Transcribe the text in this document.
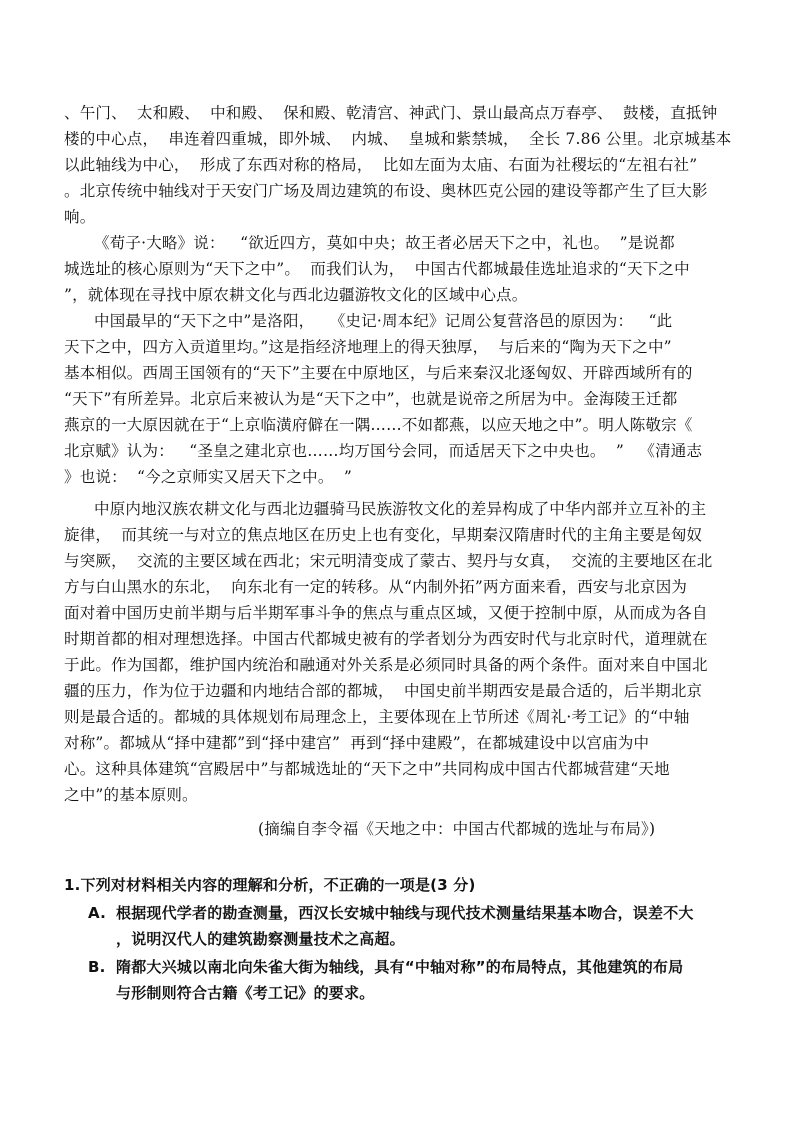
、午门、  太和殿、  中和殿、  保和殿、乾清宫、神武门、景山最高点万春亭、  鼓楼，直抵钟
楼的中心点，  串连着四重城，即外城、  内城、  皇城和紫禁城，  全长 7.86 公里。北京城基本
以此轴线为中心，  形成了东西对称的格局，  比如左面为太庙、右面为社稷坛的“左祖右社”
。北京传统中轴线对于天安门广场及周边建筑的布设、奥林匹克公园的建设等都产生了巨大影
响。
《荀子·大略》说：   “欲近四方，莫如中央；故王者必居天下之中，礼也。  ”是说都
城选址的核心原则为“天下之中”。  而我们认为，  中国古代都城最佳选址追求的“天下之中
”，就体现在寻找中原农耕文化与西北边疆游牧文化的区域中心点。
中国最早的“天下之中”是洛阳，   《史记·周本纪》记周公复营洛邑的原因为：   “此
天下之中，四方入贡道里均。”这是指经济地理上的得天独厚，  与后来的“陶为天下之中”
基本相似。西周王国领有的“天下”主要在中原地区，与后来秦汉北逐匈奴、开辟西域所有的
“天下”有所差异。北京后来被认为是“天下之中”，也就是说帝之所居为中。金海陵王迁都
燕京的一大原因就在于“上京临潢府僻在一隅……不如都燕，以应天地之中”。明人陈敬宗《
北京赋》认为：   “圣皇之建北京也……均万国兮会同，而适居天下之中央也。  ”   《清通志
》也说：  “今之京师实又居天下之中。  ”
中原内地汉族农耕文化与西北边疆骑马民族游牧文化的差异构成了中华内部并立互补的主
旋律，  而其统一与对立的焦点地区在历史上也有变化，早期秦汉隋唐时代的主角主要是匈奴
与突厥，  交流的主要区域在西北；宋元明清变成了蒙古、契丹与女真，  交流的主要地区在北
方与白山黑水的东北，  向东北有一定的转移。从“内制外拓”两方面来看，西安与北京因为
面对着中国历史前半期与后半期军事斗争的焦点与重点区域，又便于控制中原，从而成为各自
时期首都的相对理想选择。中国古代都城史被有的学者划分为西安时代与北京时代，道理就在
于此。作为国都，维护国内统治和融通对外关系是必须同时具备的两个条件。面对来自中国北
疆的压力，作为位于边疆和内地结合部的都城，  中国史前半期西安是最合适的，后半期北京
则是最合适的。都城的具体规划布局理念上，主要体现在上节所述《周礼·考工记》的“中轴
对称”。都城从“择中建都”到“择中建宫”  再到“择中建殿”，在都城建设中以宫庙为中
心。这种具体建筑“宫殿居中”与都城选址的“天下之中”共同构成中国古代都城营建“天地
之中”的基本原则。
(摘编自李令福《天地之中：中国古代都城的选址与布局》)
1.下列对材料相关内容的理解和分析，不正确的一项是(3 分)
A. 根据现代学者的勘查测量，西汉长安城中轴线与现代技术测量结果基本吻合，误差不大
，说明汉代人的建筑勘察测量技术之高超。
B. 隋都大兴城以南北向朱雀大街为轴线，具有“中轴对称”的布局特点，其他建筑的布局
与形制则符合古籍《考工记》的要求。
